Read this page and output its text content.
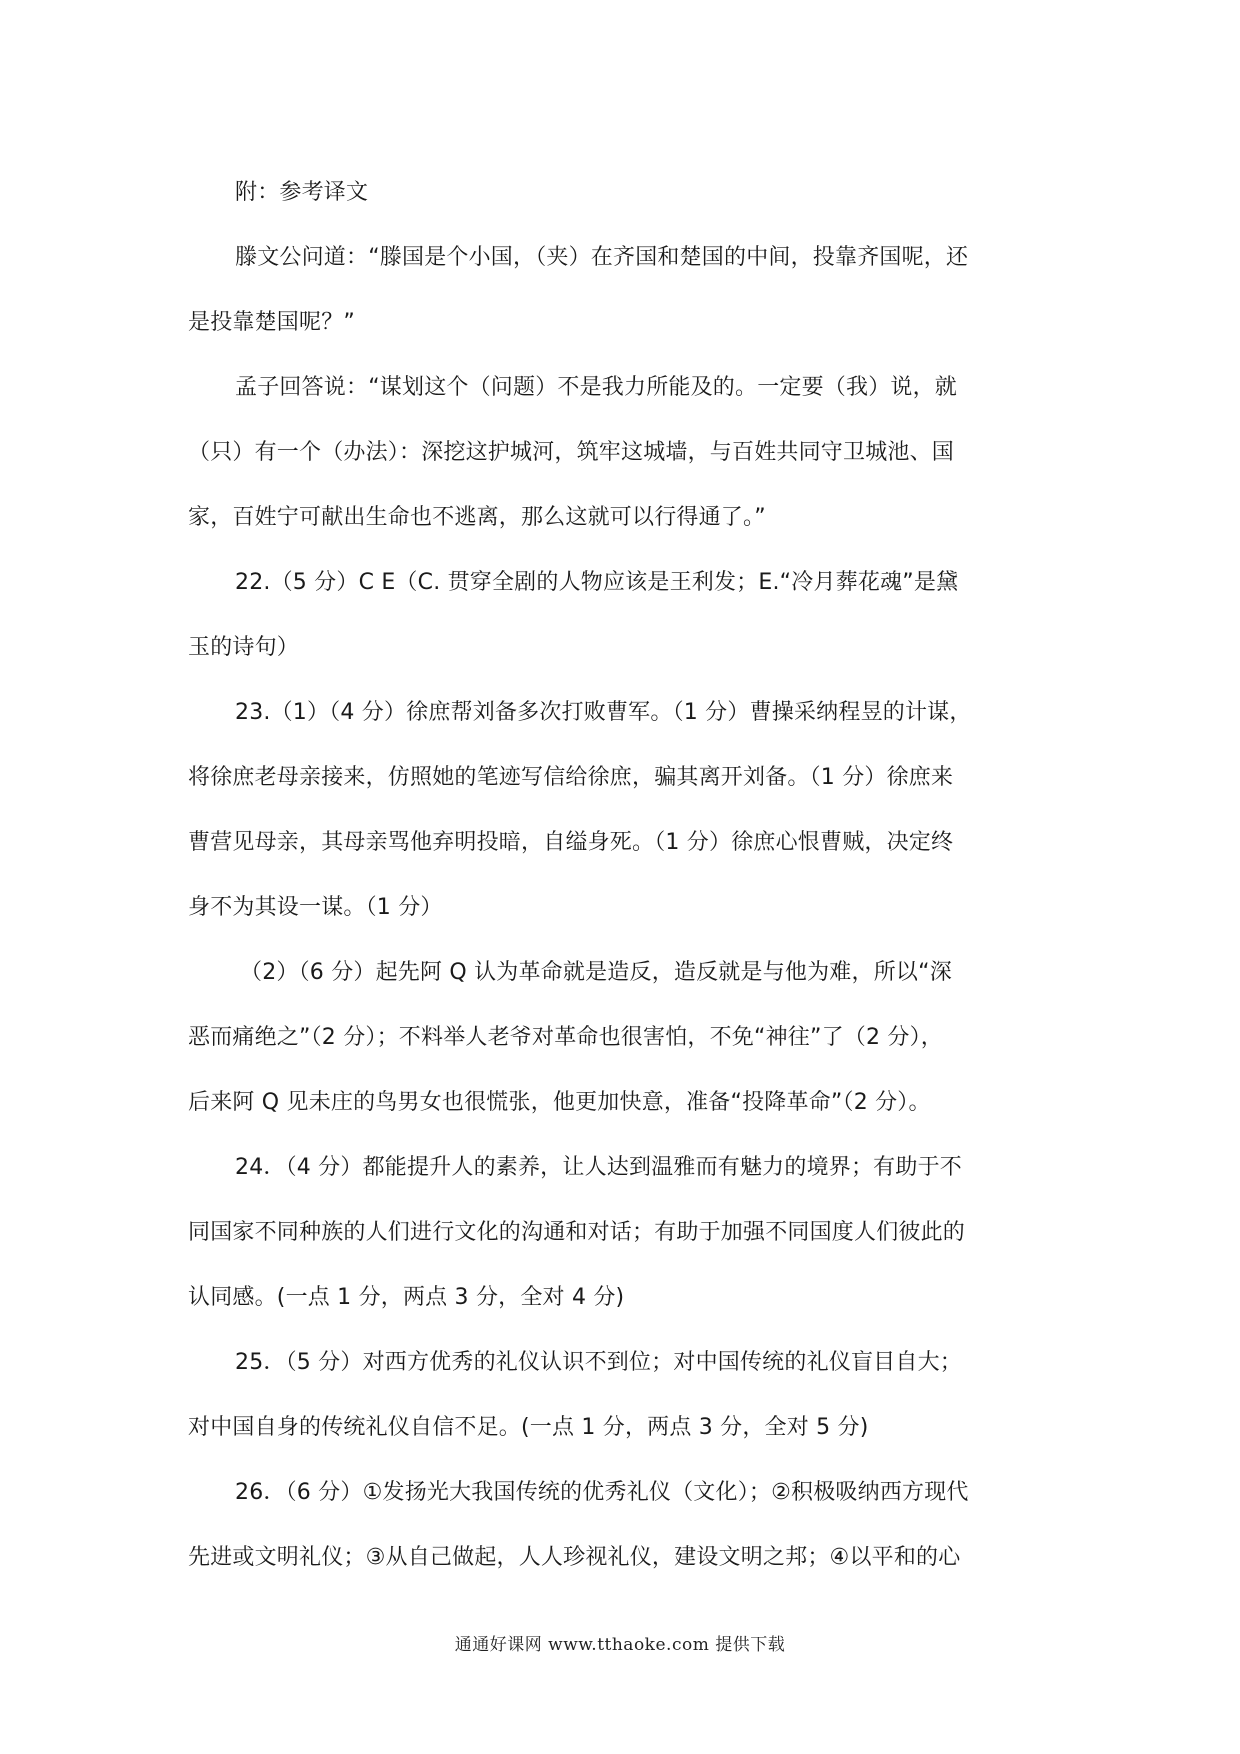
附：参考译文

滕文公问道：“滕国是个小国，（夹）在齐国和楚国的中间，投靠齐国呢，还
是投靠楚国呢？”

孟子回答说：“谋划这个（问题）不是我力所能及的。一定要（我）说，就
（只）有一个（办法）：深挖这护城河，筑牢这城墙，与百姓共同守卫城池、国
家，百姓宁可献出生命也不逃离，那么这就可以行得通了。”

22.（5 分）C E（C. 贯穿全剧的人物应该是王利发；E.“冷月葬花魂”是黛
玉的诗句）

23.（1）（4 分）徐庶帮刘备多次打败曹军。（1 分）曹操采纳程昱的计谋，
将徐庶老母亲接来，仿照她的笔迹写信给徐庶，骗其离开刘备。（1 分）徐庶来
曹营见母亲，其母亲骂他弃明投暗，自缢身死。（1 分）徐庶心恨曹贼，决定终
身不为其设一谋。（1 分）

（2）（6 分）起先阿 Q 认为革命就是造反，造反就是与他为难，所以“深
恶而痛绝之”（2 分）；不料举人老爷对革命也很害怕，不免“神往”了（2 分），
后来阿 Q 见未庄的鸟男女也很慌张，他更加快意，准备“投降革命”（2 分）。

24．（4 分）都能提升人的素养，让人达到温雅而有魅力的境界；有助于不
同国家不同种族的人们进行文化的沟通和对话；有助于加强不同国度人们彼此的
认同感。(一点 1 分，两点 3 分，全对 4 分)

25．（5 分）对西方优秀的礼仪认识不到位；对中国传统的礼仪盲目自大；
对中国自身的传统礼仪自信不足。(一点 1 分，两点 3 分，全对 5 分)

26．（6 分）①发扬光大我国传统的优秀礼仪（文化）；②积极吸纳西方现代
先进或文明礼仪；③从自己做起，人人珍视礼仪，建设文明之邦；④以平和的心

通通好课网 www.tthaoke.com 提供下载
